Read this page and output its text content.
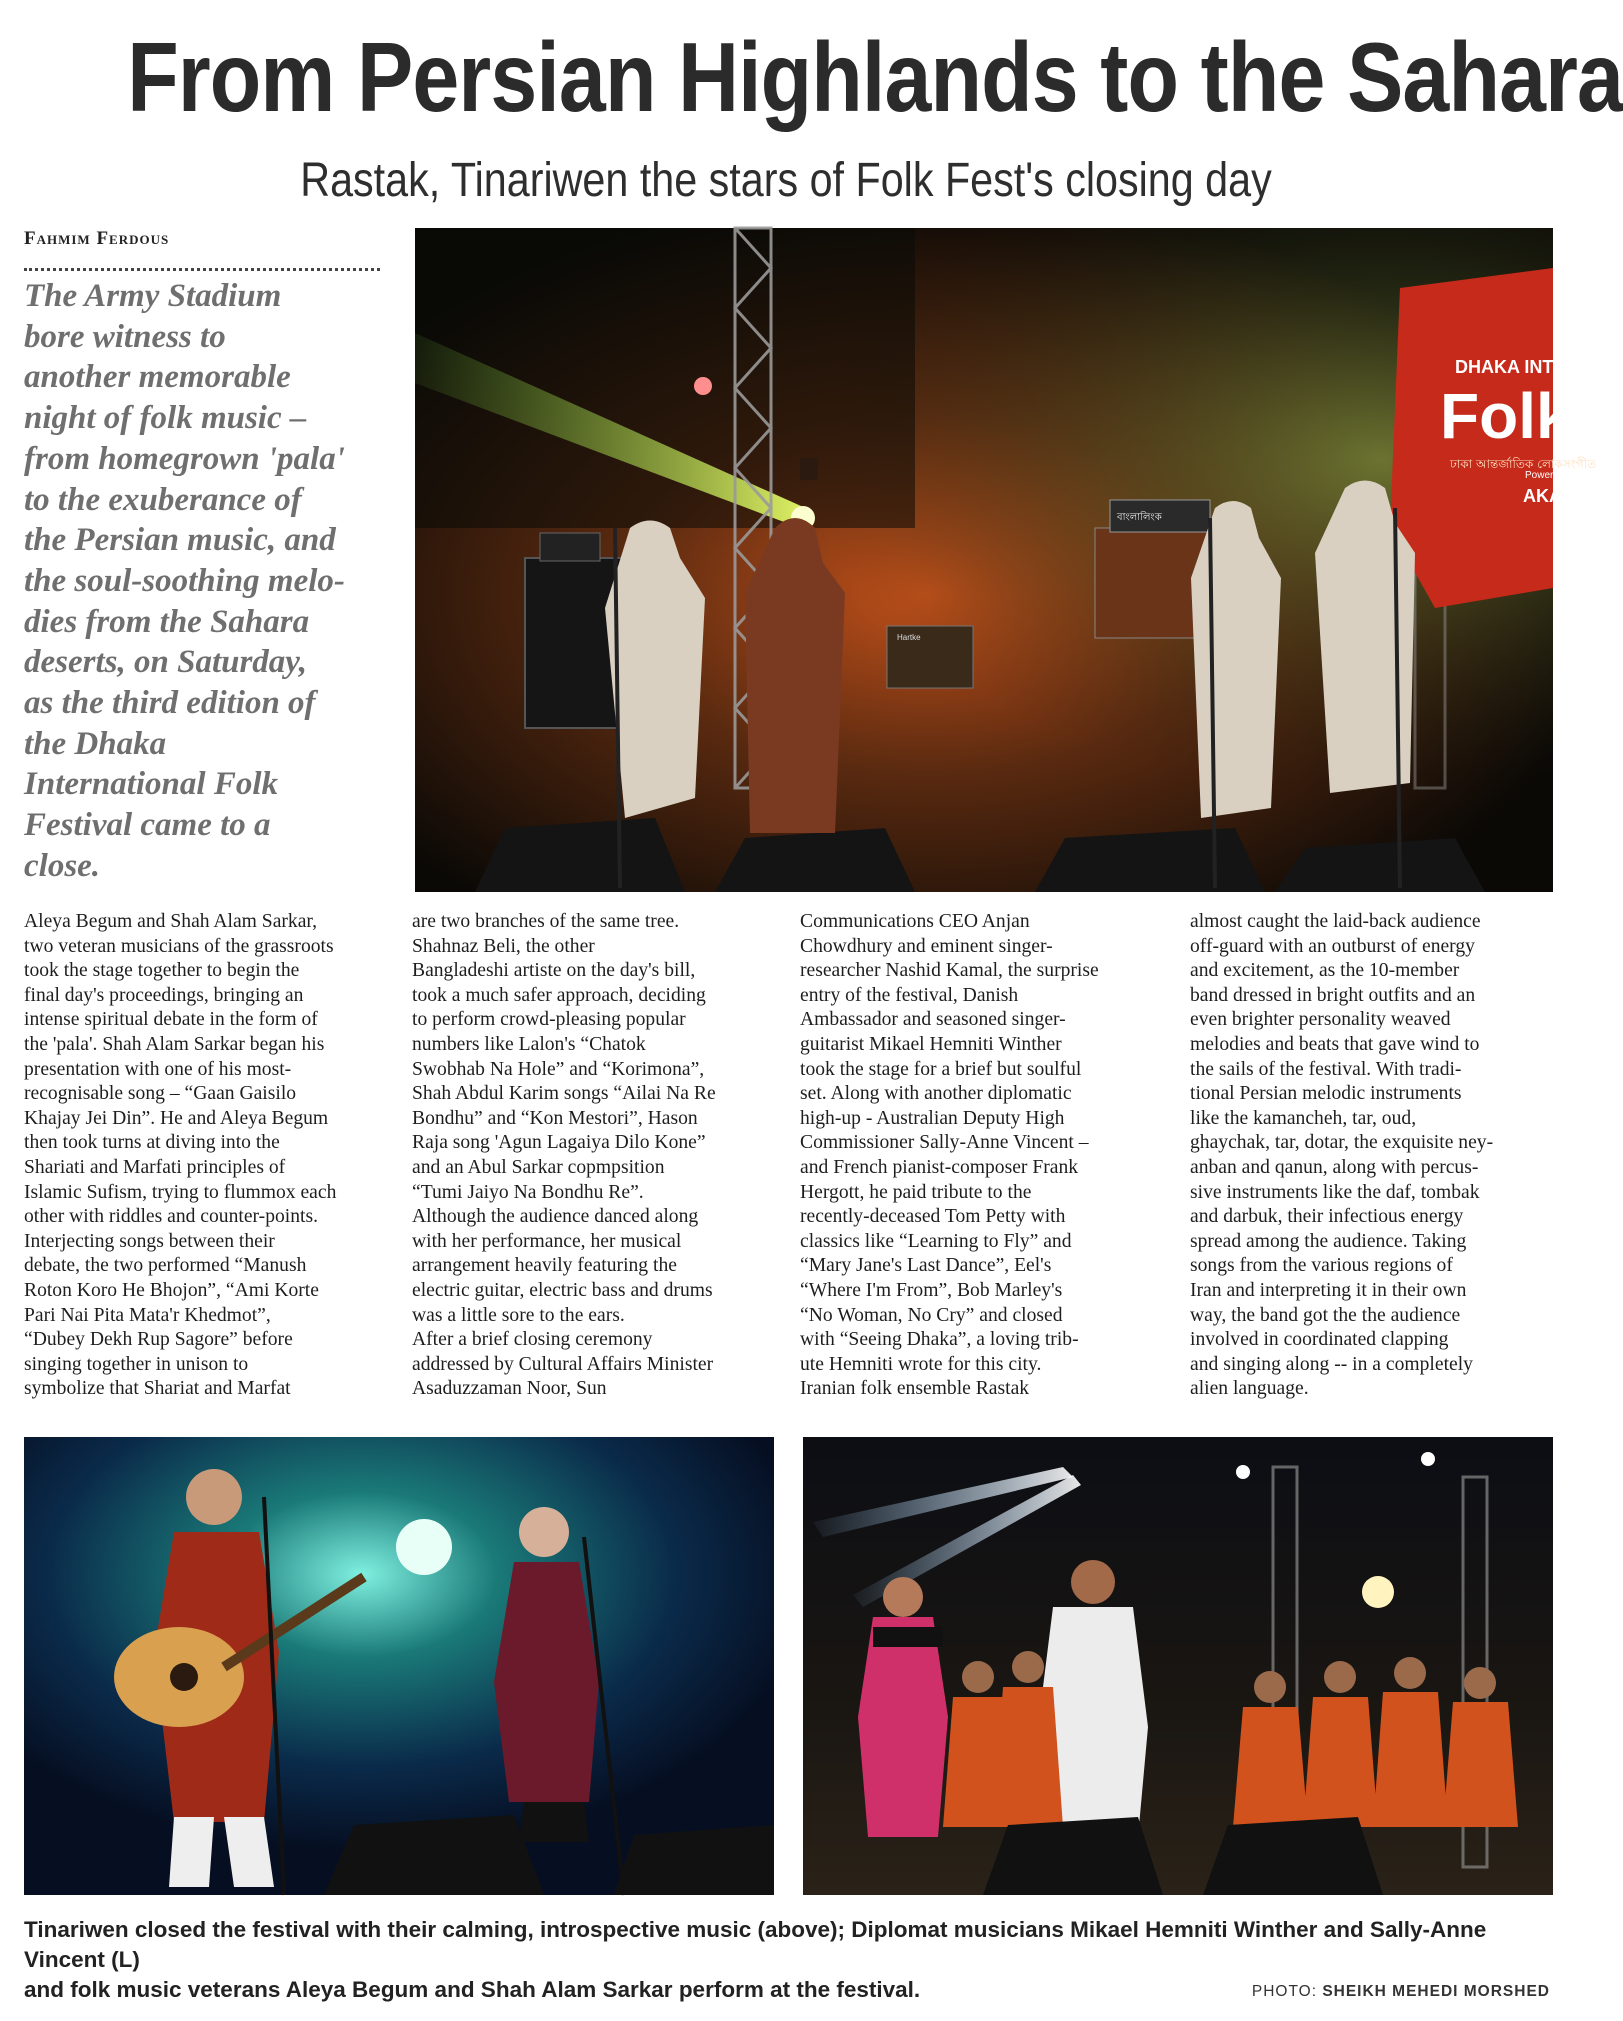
From Persian Highlands to the Sahara
Rastak, Tinariwen the stars of Folk Fest's closing day
Fahmim Ferdous
The Army Stadium
bore witness to
another memorable
night of folk music –
from homegrown 'pala'
to the exuberance of
the Persian music, and
the soul-soothing melo-
dies from the Sahara
deserts, on Saturday,
as the third edition of
the Dhaka
International Folk
Festival came to a
close.
DHAKA INTERN
Folk
ঢাকা আন্তর্জাতিক লোকসংগীত
Powered
AKA
Hartke
বাংলালিংক
Aleya Begum and Shah Alam Sarkar,
two veteran musicians of the grassroots
took the stage together to begin the
final day's proceedings, bringing an
intense spiritual debate in the form of
the 'pala'. Shah Alam Sarkar began his
presentation with one of his most-
recognisable song – “Gaan Gaisilo
Khajay Jei Din”. He and Aleya Begum
then took turns at diving into the
Shariati and Marfati principles of
Islamic Sufism, trying to flummox each
other with riddles and counter-points.
Interjecting songs between their
debate, the two performed “Manush
Roton Koro He Bhojon”, “Ami Korte
Pari Nai Pita Mata'r Khedmot”,
“Dubey Dekh Rup Sagore” before
singing together in unison to
symbolize that Shariat and Marfat
are two branches of the same tree.
Shahnaz Beli, the other
Bangladeshi artiste on the day's bill,
took a much safer approach, deciding
to perform crowd-pleasing popular
numbers like Lalon's “Chatok
Swobhab Na Hole” and “Korimona”,
Shah Abdul Karim songs “Ailai Na Re
Bondhu” and “Kon Mestori”, Hason
Raja song 'Agun Lagaiya Dilo Kone”
and an Abul Sarkar copmpsition
“Tumi Jaiyo Na Bondhu Re”.
Although the audience danced along
with her performance, her musical
arrangement heavily featuring the
electric guitar, electric bass and drums
was a little sore to the ears.
After a brief closing ceremony
addressed by Cultural Affairs Minister
Asaduzzaman Noor, Sun
Communications CEO Anjan
Chowdhury and eminent singer-
researcher Nashid Kamal, the surprise
entry of the festival, Danish
Ambassador and seasoned singer-
guitarist Mikael Hemniti Winther
took the stage for a brief but soulful
set. Along with another diplomatic
high-up - Australian Deputy High
Commissioner Sally-Anne Vincent –
and French pianist-composer Frank
Hergott, he paid tribute to the
recently-deceased Tom Petty with
classics like “Learning to Fly” and
“Mary Jane's Last Dance”, Eel's
“Where I'm From”, Bob Marley's
“No Woman, No Cry” and closed
with “Seeing Dhaka”, a loving trib-
ute Hemniti wrote for this city.
Iranian folk ensemble Rastak
almost caught the laid-back audience
off-guard with an outburst of energy
and excitement, as the 10-member
band dressed in bright outfits and an
even brighter personality weaved
melodies and beats that gave wind to
the sails of the festival. With tradi-
tional Persian melodic instruments
like the kamancheh, tar, oud,
ghaychak, tar, dotar, the exquisite ney-
anban and qanun, along with percus-
sive instruments like the daf, tombak
and darbuk, their infectious energy
spread among the audience. Taking
songs from the various regions of
Iran and interpreting it in their own
way, the band got the the audience
involved in coordinated clapping
and singing along -- in a completely
alien language.
Tinariwen closed the festival with their calming, introspective music (above); Diplomat musicians Mikael Hemniti Winther and Sally-Anne Vincent (L)
and folk music veterans Aleya Begum and Shah Alam Sarkar perform at the festival.	PHOTO: SHEIKH MEHEDI MORSHED
